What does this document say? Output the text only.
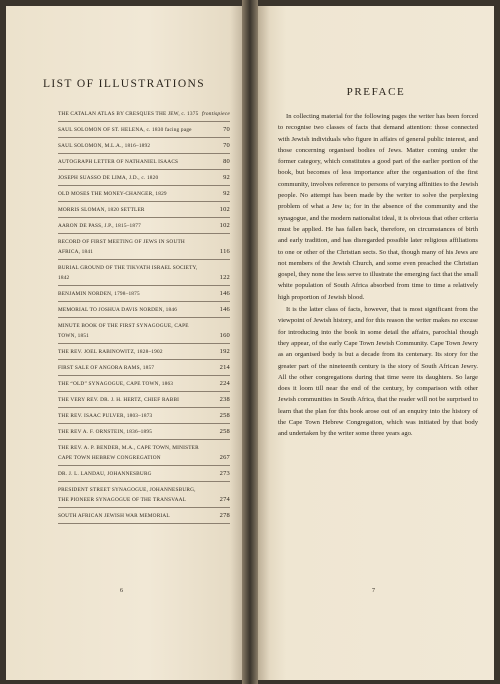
LIST OF ILLUSTRATIONS
THE CATALAN ATLAS BY CRESQUES THE JEW, c. 1375 frontispiece
SAUL SOLOMON OF ST. HELENA, c. 1830 facing page	70
SAUL SOLOMON, M.L.A., 1816–1892	70
AUTOGRAPH LETTER OF NATHANIEL ISAACS	80
JOSEPH SUASSO DE LIMA, J.D., c. 1820	92
OLD MOSES THE MONEY-CHANGER, 1829	92
MORRIS SLOMAN, 1820 SETTLER	102
AARON DE PASS, J.P., 1815–1877	102
RECORD OF FIRST MEETING OF JEWS IN SOUTH AFRICA, 1841	116
BURIAL GROUND OF THE TIKVATH ISRAEL SOCIETY, 1842	122
BENJAMIN NORDEN, 1798–1875	146
MEMORIAL TO JOSHUA DAVIS NORDEN, 1846	146
MINUTE BOOK OF THE FIRST SYNAGOGUE, CAPE TOWN, 1851	160
THE REV. JOEL RABINOWITZ, 1828–1902	192
FIRST SALE OF ANGORA RAMS, 1857	214
THE “OLD” SYNAGOGUE, CAPE TOWN, 1863	224
THE VERY REV. DR. J. H. HERTZ, CHIEF RABBI	238
THE REV. ISAAC PULVER, 1803–1873	258
THE REV A. F. ORNSTEIN, 1836–1895	258
THE REV. A. P. BENDER, M.A., CAPE TOWN, MINISTER CAPE TOWN HEBREW CONGREGATION	267
DR. J. L. LANDAU, JOHANNESBURG	273
PRESIDENT STREET SYNAGOGUE, JOHANNESBURG, THE PIONEER SYNAGOGUE OF THE TRANSVAAL	274
SOUTH AFRICAN JEWISH WAR MEMORIAL	278
6
PREFACE

In collecting material for the following pages the writer has been forced to recognise two classes of facts that demand attention: those connected with Jewish individuals who figure in affairs of general public interest, and those concerning organised bodies of Jews. Matter coming under the former category, which constitutes a good part of the earlier portion of the book, but becomes of less importance after the organisation of the first community, involves reference to persons of varying affinities to the Jewish people. No attempt has been made by the writer to solve the perplexing problem of what a Jew is; for in the absence of the community and the synagogue, and the modern nationalist ideal, it is obvious that other criteria must be applied. He has fallen back, therefore, on circumstances of birth and early tradition, and has disregarded possible later religious affiliations to one or other of the Christian sects. So that, though many of his Jews are not members of the Jewish Church, and some even preached the Christian gospel, they none the less serve to illustrate the emerging fact that the small white population of South Africa absorbed from time to time a relatively high proportion of Jewish blood.

It is the latter class of facts, however, that is most significant from the viewpoint of Jewish history, and for this reason the writer makes no excuse for introducing into the book in some detail the affairs, parochial though they appear, of the early Cape Town Jewish Community. Cape Town Jewry as an organised body is but a decade from its centenary. Its story for the greater part of the nineteenth century is the story of South African Jewry. All the other congregations during that time were its daughters. So large does it loom till near the end of the century, by comparison with other Jewish communities in South Africa, that the reader will not be surprised to learn that the plan for this book arose out of an enquiry into the history of the Cape Town Hebrew Congregation, which was initiated by that body and undertaken by the writer some three years ago.

7
